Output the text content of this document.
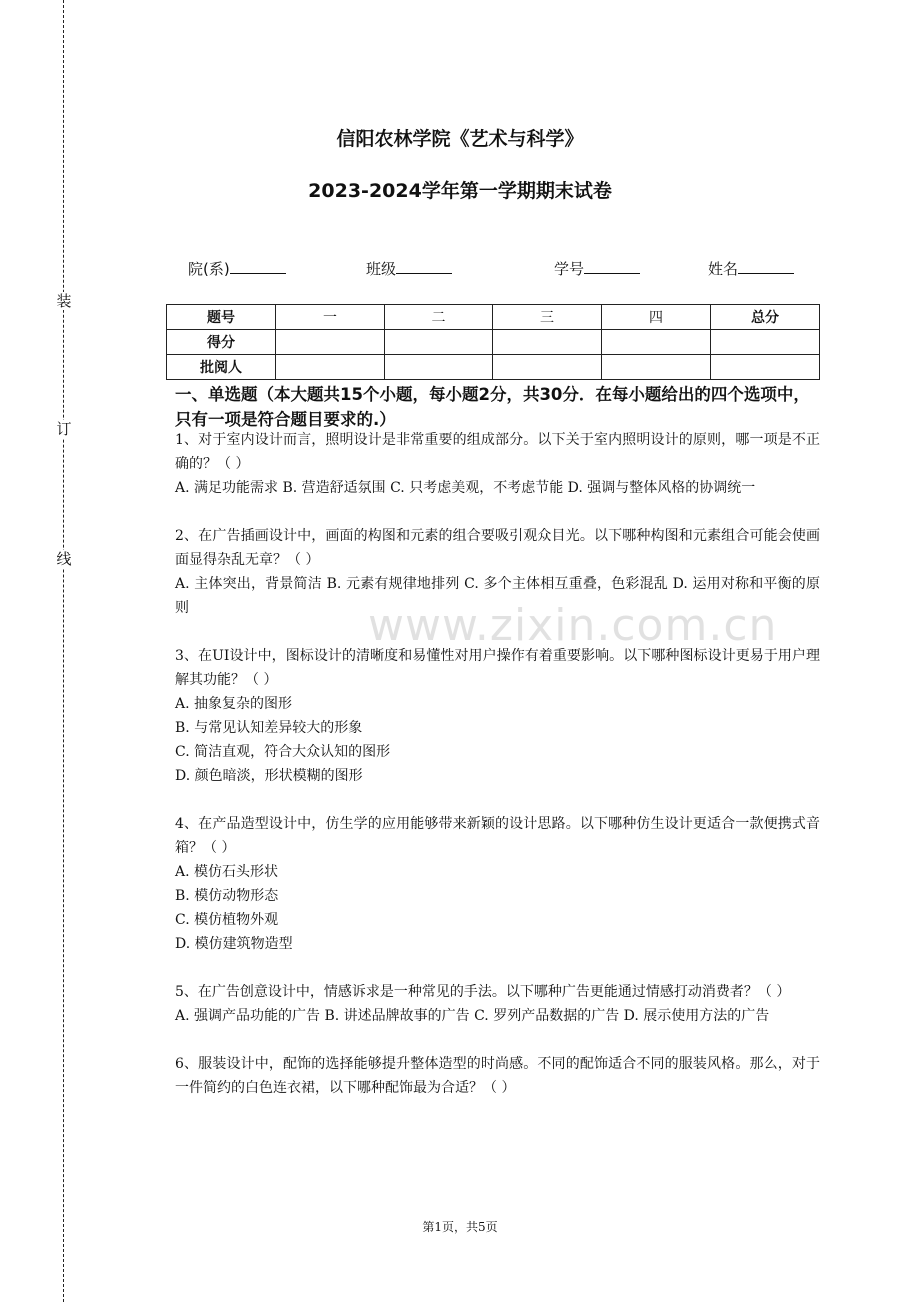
装
订
线
信阳农林学院《艺术与科学》
2023-2024学年第一学期期末试卷
院(系)	班级	学号	姓名
题号	一	二	三	四	总分
得分					
批阅人					
一、单选题（本大题共15个小题，每小题2分，共30分．在每小题给出的四个选项中，只有一项是符合题目要求的.）
www.zixin.com.cn

1、对于室内设计而言，照明设计是非常重要的组成部分。以下关于室内照明设计的原则，哪一项是不正确的？（ ）

A. 满足功能需求 B. 营造舒适氛围 C. 只考虑美观，不考虑节能 D. 强调与整体风格的协调统一

2、在广告插画设计中，画面的构图和元素的组合要吸引观众目光。以下哪种构图和元素组合可能会使画面显得杂乱无章？（ ）

A. 主体突出，背景简洁 B. 元素有规律地排列 C. 多个主体相互重叠，色彩混乱 D. 运用对称和平衡的原则

3、在UI设计中，图标设计的清晰度和易懂性对用户操作有着重要影响。以下哪种图标设计更易于用户理解其功能？（ ）

A. 抽象复杂的图形

B. 与常见认知差异较大的形象

C. 简洁直观，符合大众认知的图形

D. 颜色暗淡，形状模糊的图形

4、在产品造型设计中，仿生学的应用能够带来新颖的设计思路。以下哪种仿生设计更适合一款便携式音箱？（ ）

A. 模仿石头形状

B. 模仿动物形态

C. 模仿植物外观

D. 模仿建筑物造型

5、在广告创意设计中，情感诉求是一种常见的手法。以下哪种广告更能通过情感打动消费者？（ ）

A. 强调产品功能的广告 B. 讲述品牌故事的广告 C. 罗列产品数据的广告 D. 展示使用方法的广告

6、服装设计中，配饰的选择能够提升整体造型的时尚感。不同的配饰适合不同的服装风格。那么，对于一件简约的白色连衣裙，以下哪种配饰最为合适？（ ）

第1页，共5页
